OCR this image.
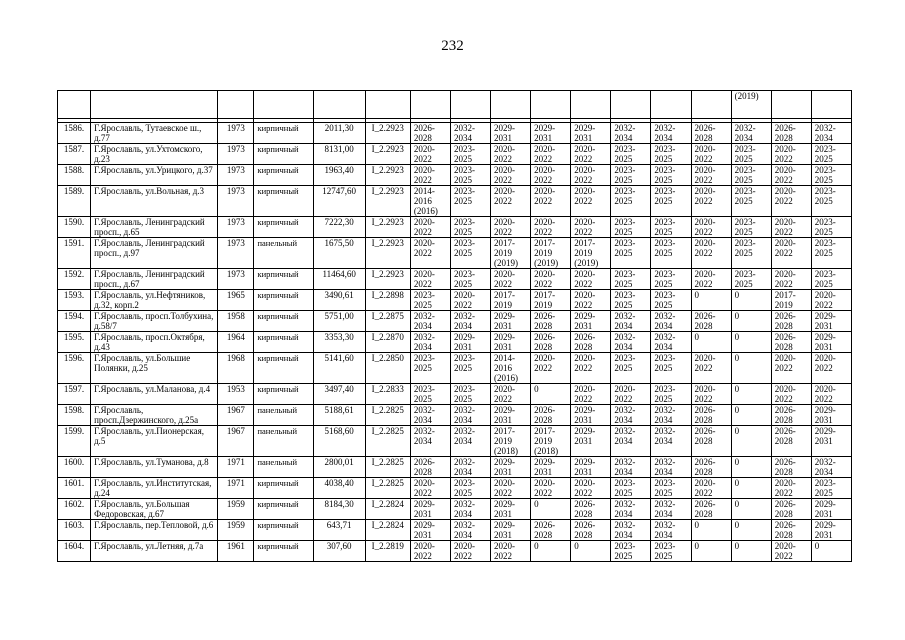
232
														(2019)		

1586.	Г.Ярославль, Тутаевское ш., д.77	1973	кирпичный	2011,30	I_2.2923	2026-
2028	2032-
2034	2029-
2031	2029-
2031	2029-
2031	2032-
2034	2032-
2034	2026-
2028	2032-
2034	2026-
2028	2032-
2034
1587.	Г.Ярославль, ул.Ухтомского, д.23	1973	кирпичный	8131,00	I_2.2923	2020-
2022	2023-
2025	2020-
2022	2020-
2022	2020-
2022	2023-
2025	2023-
2025	2020-
2022	2023-
2025	2020-
2022	2023-
2025
1588.	Г.Ярославль, ул.Урицкого, д.37	1973	кирпичный	1963,40	I_2.2923	2020-
2022	2023-
2025	2020-
2022	2020-
2022	2020-
2022	2023-
2025	2023-
2025	2020-
2022	2023-
2025	2020-
2022	2023-
2025
1589.	Г.Ярославль, ул.Вольная, д.3	1973	кирпичный	12747,60	I_2.2923	2014-
2016
(2016)	2023-
2025	2020-
2022	2020-
2022	2020-
2022	2023-
2025	2023-
2025	2020-
2022	2023-
2025	2020-
2022	2023-
2025
1590.	Г.Ярославль, Ленинградский просп., д.65	1973	кирпичный	7222,30	I_2.2923	2020-
2022	2023-
2025	2020-
2022	2020-
2022	2020-
2022	2023-
2025	2023-
2025	2020-
2022	2023-
2025	2020-
2022	2023-
2025
1591.	Г.Ярославль, Ленинградский просп., д.97	1973	панельный	1675,50	I_2.2923	2020-
2022	2023-
2025	2017-
2019
(2019)	2017-
2019
(2019)	2017-
2019
(2019)	2023-
2025	2023-
2025	2020-
2022	2023-
2025	2020-
2022	2023-
2025
1592.	Г.Ярославль, Ленинградский просп., д.67	1973	кирпичный	11464,60	I_2.2923	2020-
2022	2023-
2025	2020-
2022	2020-
2022	2020-
2022	2023-
2025	2023-
2025	2020-
2022	2023-
2025	2020-
2022	2023-
2025
1593.	Г.Ярославль, ул.Нефтяников, д.32, корп.2	1965	кирпичный	3490,61	I_2.2898	2023-
2025	2020-
2022	2017-
2019	2017-
2019	2020-
2022	2023-
2025	2023-
2025	0	0	2017-
2019	2020-
2022
1594.	Г.Ярославль, просп.Толбухина, д.58/7	1958	кирпичный	5751,00	I_2.2875	2032-
2034	2032-
2034	2029-
2031	2026-
2028	2029-
2031	2032-
2034	2032-
2034	2026-
2028	0	2026-
2028	2029-
2031
1595.	Г.Ярославль, просп.Октября, д.43	1964	кирпичный	3353,30	I_2.2870	2032-
2034	2029-
2031	2029-
2031	2026-
2028	2026-
2028	2032-
2034	2032-
2034	0	0	2026-
2028	2029-
2031
1596.	Г.Ярославль, ул.Большие Полянки, д.25	1968	кирпичный	5141,60	I_2.2850	2023-
2025	2023-
2025	2014-
2016
(2016)	2020-
2022	2020-
2022	2023-
2025	2023-
2025	2020-
2022	0	2020-
2022	2020-
2022
1597.	Г.Ярославль, ул.Маланова, д.4	1953	кирпичный	3497,40	I_2.2833	2023-
2025	2023-
2025	2020-
2022	0	2020-
2022	2020-
2022	2023-
2025	2020-
2022	0	2020-
2022	2020-
2022
1598.	Г.Ярославль, просп.Дзержинского, д.25а	1967	панельный	5188,61	I_2.2825	2032-
2034	2032-
2034	2029-
2031	2026-
2028	2029-
2031	2032-
2034	2032-
2034	2026-
2028	0	2026-
2028	2029-
2031
1599.	Г.Ярославль, ул.Пионерская, д.5	1967	панельный	5168,60	I_2.2825	2032-
2034	2032-
2034	2017-
2019
(2018)	2017-
2019
(2018)	2029-
2031	2032-
2034	2032-
2034	2026-
2028	0	2026-
2028	2029-
2031
1600.	Г.Ярославль, ул.Туманова, д.8	1971	панельный	2800,01	I_2.2825	2026-
2028	2032-
2034	2029-
2031	2029-
2031	2029-
2031	2032-
2034	2032-
2034	2026-
2028	0	2026-
2028	2032-
2034
1601.	Г.Ярославль, ул.Институтская, д.24	1971	кирпичный	4038,40	I_2.2825	2020-
2022	2023-
2025	2020-
2022	2020-
2022	2020-
2022	2023-
2025	2023-
2025	2020-
2022	0	2020-
2022	2023-
2025
1602.	Г.Ярославль, ул.Большая Федоровская, д.67	1959	кирпичный	8184,30	I_2.2824	2029-
2031	2032-
2034	2029-
2031	0	2026-
2028	2032-
2034	2032-
2034	2026-
2028	0	2026-
2028	2029-
2031
1603.	Г.Ярославль, пер.Тепловой, д.6	1959	кирпичный	643,71	I_2.2824	2029-
2031	2032-
2034	2029-
2031	2026-
2028	2026-
2028	2032-
2034	2032-
2034	0	0	2026-
2028	2029-
2031
1604.	Г.Ярославль, ул.Летняя, д.7а	1961	кирпичный	307,60	I_2.2819	2020-
2022	2020-
2022	2020-
2022	0	0	2023-
2025	2023-
2025	0	0	2020-
2022	0
